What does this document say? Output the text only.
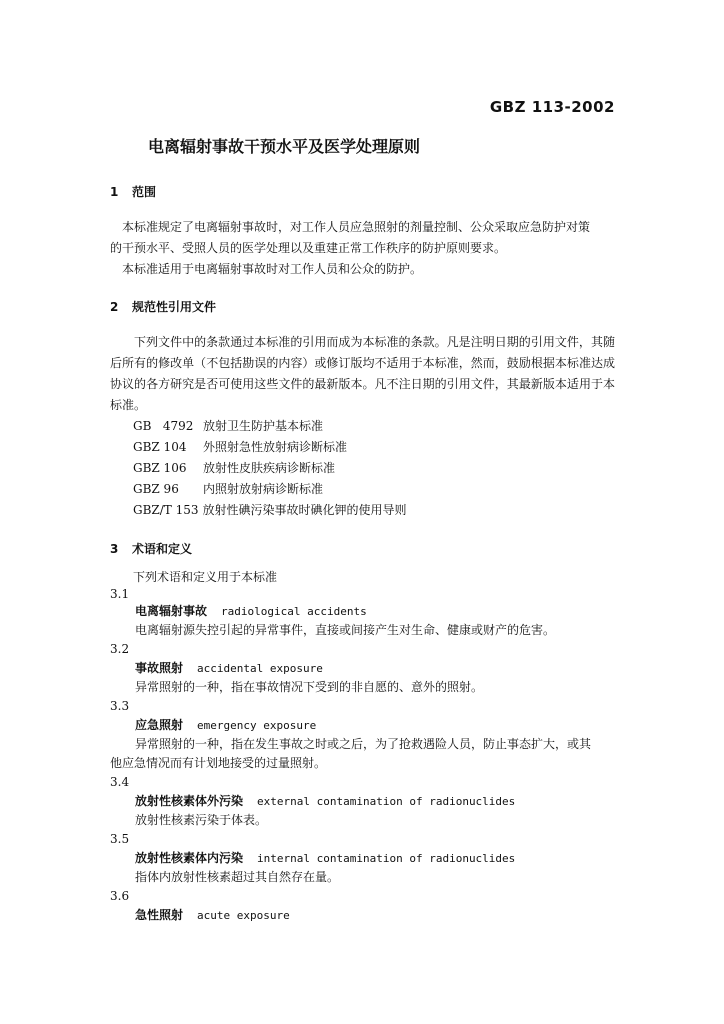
GBZ 113-2002
电离辐射事故干预水平及医学处理原则
1 范围
本标准规定了电离辐射事故时，对工作人员应急照射的剂量控制、公众采取应急防护对策
的干预水平、受照人员的医学处理以及重建正常工作秩序的防护原则要求。
本标准适用于电离辐射事故时对工作人员和公众的防护。
2 规范性引用文件
下列文件中的条款通过本标准的引用而成为本标准的条款。凡是注明日期的引用文件，其随后所有的修改单（不包括勘误的内容）或修订版均不适用于本标准，然而，鼓励根据本标准达成协议的各方研究是否可使用这些文件的最新版本。凡不注日期的引用文件，其最新版本适用于本标准。
GB   4792 放射卫生防护基本标准
GBZ 104 外照射急性放射病诊断标准
GBZ 106 放射性皮肤疾病诊断标准
GBZ 96 内照射放射病诊断标准
GBZ/T 153 放射性碘污染事故时碘化钾的使用导则
3 术语和定义
下列术语和定义用于本标准
3.1
电离辐射事故 radiological accidents
电离辐射源失控引起的异常事件，直接或间接产生对生命、健康或财产的危害。
3.2
事故照射 accidental exposure
异常照射的一种，指在事故情况下受到的非自愿的、意外的照射。
3.3
应急照射 emergency exposure
异常照射的一种，指在发生事故之时或之后，为了抢救遇险人员，防止事态扩大，或其
他应急情况而有计划地接受的过量照射。
3.4
放射性核素体外污染 external contamination of radionuclides
放射性核素污染于体表。
3.5
放射性核素体内污染 internal contamination of radionuclides
指体内放射性核素超过其自然存在量。
3.6
急性照射 acute exposure
